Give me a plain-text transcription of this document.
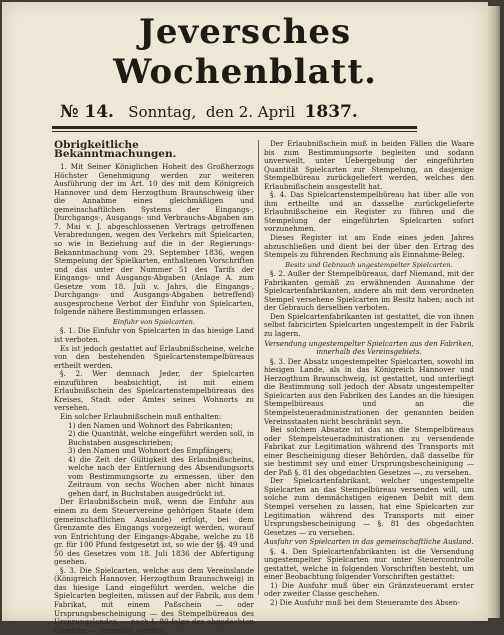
Jeversches Wochenblatt.
№ 14. Sonntag, den 2. April 1837.

Obrigkeitliche Bekanntmachungen.

1. Mit Seiner Königlichen Hoheit des Großherzogs Höchster Genehmigung werden zur weiteren Ausführung der im Art. 10 des mit dem Königreich Hannover und dem Herzogthum Braunschweig über die Annahme eines gleichmäßigen und gemeinschaftlichen Systems der Eingangs-, Durchgangs-, Ausgangs- und Verbrauchs-Abgaben am 7. Mai v. J. abgeschlossenen Vertrags getroffenen Verabredungen, wegen des Verkehrs mit Spielcarten, so wie in Beziehung auf die in der Regierungs-Bekanntmachung vom 29. September 1836, wegen Stempelung der Spielkarten, enthaltenen Vorschriften und das unter der Nummer 51 des Tarifs der Eingangs- und Ausgangs-Abgaben (Anlage A. zum Gesetze vom 18. Juli v. Jahrs, die Eingangs-, Durchgangs- und Ausgangs-Abgaben betreffend) ausgesprochene Verbot der Einfuhr von Spielcarten, folgende nähere Bestimmungen erlassen.

Einfuhr von Spielcarten.

§. 1. Die Einfuhr von Spielcarten in das hiesige Land ist verboten.

Es ist jedoch gestattet auf Erlaubnißscheine, welche von den bestehenden Spielcartenstempelbüreaus ertheilt werden.

§. 2. Wer demnach Jeder, der Spielcarten einzuführen beabsichtigt, ist mit einem Erlaubnißschein des Spielcartenstempelbüreaus des Kreises, Stadt oder Amtes seines Wohnorts zu versehen.

Ein solcher Erlaubnißschein muß enthalten:

1) den Namen und Wohnort des Fabrikanten;

2) die Quantität, welche eingeführt werden soll, in Buchstaben ausgeschrieben;

3) den Namen und Wohnort des Empfängers;

4) die Zeit der Gültigkeit des Erlaubnißscheins, welche nach der Entfernung des Absendungsorts vom Bestimmungsorte zu ermessen, über den Zeitraum von sechs Wochen aber nicht hinaus gehen darf, in Buchstaben ausgedrückt ist.

Der Erlaubnißschein muß, wenn die Einfuhr aus einem zu dem Steuervereine gehörigen Staate (dem gemeinschaftlichen Auslande) erfolgt, bei dem Grenzamte des Eingangs vorgezeigt werden, worauf von Entrichtung der Eingangs-Abgabe, welche zu 18 gr. für 100 Pfund festgesetzt ist, so wie der §§. 49 und 50 des Gesetzes vom 18. Juli 1836 der Abfertigung gesehen.

§. 3. Die Spielcarten, welche aus dem Vereinslande (Königreich Hannover, Herzogthum Braunschweig) in das hiesige Land eingeführt werden, welche die Spielcarten begleiten, müssen auf der Fabrik, aus dem Fabrikat, mit einem Paßschein — oder Ursprungsbescheinigung — des Stempelbüreaus des Ursprungslandes, — nach §. 80 folge des obgedachten Gesetzes —, versehen werden.

Der Erlaubnißschein muß in beiden Fällen die Waare bis zum Bestimmungsorte begleiten und sodann unverweilt, unter Uebergebung der eingeführten Quantität Spielcarten zur Stempelung, an dasjenige Stempelbüreau zurückgeliefert werden, welches den Erlaubnißschein ausgestellt hat.

§. 4. Das Spielcartenstempelbüreau hat über alle von ihm ertheilte und an dasselbe zurückgelieferte Erlaubnißscheine ein Register zu führen und die Stempelung der eingeführten Spielcarten sofort vorzunehmen.

Dieses Register ist am Ende eines jeden Jahres abzuschließen und dient bei der über den Ertrag des Stempels zu führenden Rechnung als Einnahme-Beleg.

Besitz und Gebrauch ungestempelter Spielcarten.

§. 2. Außer der Stempelbüreaus, darf Niemand, mit der Fabrikanten gemäß zu erwähnenden Ausnahme der Spielcartenfabrikanten, andere als mit dem verordneten Stempel versehene Spielcarten im Besitz haben; auch ist der Gebrauch derselben verboten.

Den Spielcartenfabrikanten ist gestattet, die von ihnen selbst fabricirten Spielcarten ungestempelt in der Fabrik zu lagern.

Versendung ungestempelter Spielcarten aus den Fabriken, innerhalb des Vereinsgebiets.

§. 3. Der Absatz ungestempelter Spielcarten, sowohl im hiesigen Lande, als in das Königreich Hannover und Herzogthum Braunschweig, ist gestattet, und unterliegt die Bestimmung soll jedoch der Absatz ungestempelter Spielcarten aus den Fabriken des Landes an die hiesigen Stempelbüreaus und an die Stempelsteueradministrationen der genannten beiden Vereinsstaaten nicht beschränkt seyn.

Bei solchem Absatze ist das an die Stempelbüreaus oder Stempelsteueradministrationen zu versendende Fabrikat zur Legitimation während des Transports mit einer Bescheinigung dieser Behörden, daß dasselbe für sie bestimmt sey und einer Ursprungsbescheinigung — der Paß §. 81 des obgedachten Gesetzes —, zu versehen.

Der Spielcartenfabrikant, welcher ungestempelte Spielcarten an das Stempelbüreau versenden will, um solche zum demnächstigen eigenen Debit mit dem Stempel versehen zu lassen, hat eine Spielcarten zur Legitimation während des Transports mit einer Ursprungsbescheinigung — §. 81 des obgedachten Gesetzes — zu versehen.

Ausfuhr von Spielcarten in das gemeinschaftliche Ausland.

§. 4. Den Spielcartenfabrikanten ist die Versendung ungestempelter Spielcarten nur unter Steuercontrolle gestattet, welche in folgenden Vorschriften besteht, um einer Beobachtung folgender Vorschriften gestattet:

1) Die Ausfuhr muß über ein Gränzsteueramt erster oder zweiter Classe geschehen.

2) Die Ausfuhr muß bei dem Steueramte des Absen-
